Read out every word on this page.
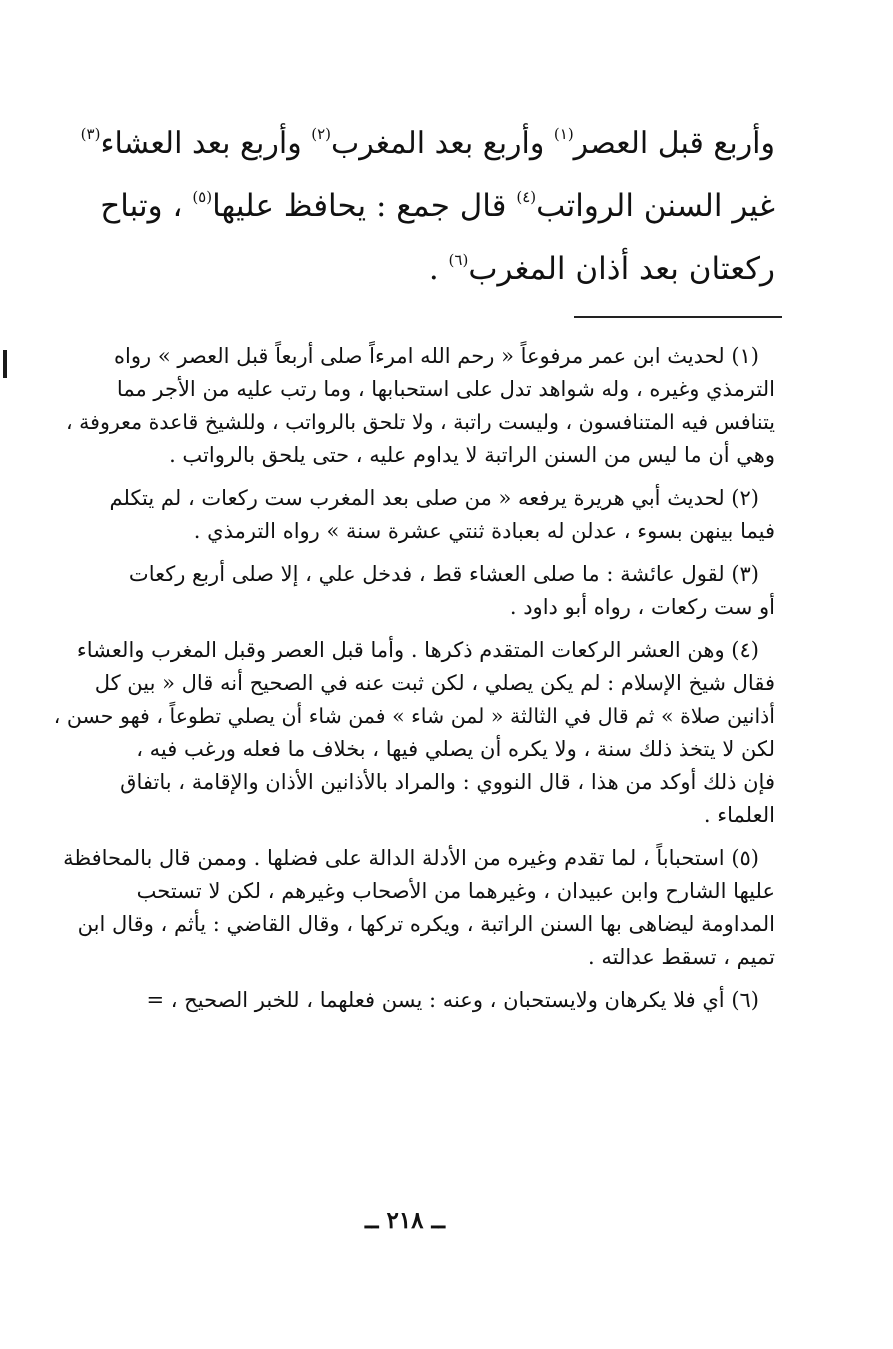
وأربع قبل العصر$^{(١)}$ وأربع بعد المغرب$^{(٢)}$ وأربع بعد العشاء$^{(٣)}$
غير السنن الرواتب$^{(٤)}$ قال جمع : يحافظ عليها$^{(٥)}$ ، وتباح
ركعتان بعد أذان المغرب$^{(٦)}$ .
(١) لحديث ابن عمر مرفوعاً « رحم الله امرءاً صلى أربعاً قبل العصر » رواه
الترمذي وغيره ، وله شواهد تدل على استحبابها ، وما رتب عليه من الأجر مما
يتنافس فيه المتنافسون ، وليست راتبة ، ولا تلحق بالرواتب ، وللشيخ قاعدة معروفة ،
وهي أن ما ليس من السنن الراتبة لا يداوم عليه ، حتى يلحق بالرواتب .
(٢) لحديث أبي هريرة يرفعه « من صلى بعد المغرب ست ركعات ، لم يتكلم
فيما بينهن بسوء ، عدلن له بعبادة ثنتي عشرة سنة » رواه الترمذي .
(٣) لقول عائشة : ما صلى العشاء قط ، فدخل علي ، إلا صلى أربع ركعات
أو ست ركعات ، رواه أبو داود .
(٤) وهن العشر الركعات المتقدم ذكرها . وأما قبل العصر وقبل المغرب والعشاء
فقال شيخ الإسلام : لم يكن يصلي ، لكن ثبت عنه في الصحيح أنه قال « بين كل
أذانين صلاة » ثم قال في الثالثة « لمن شاء » فمن شاء أن يصلي تطوعاً ، فهو حسن ،
لكن لا يتخذ ذلك سنة ، ولا يكره أن يصلي فيها ، بخلاف ما فعله ورغب فيه ،
فإن ذلك أوكد من هذا ، قال النووي : والمراد بالأذانين الأذان والإقامة ، باتفاق
العلماء .
(٥) استحباباً ، لما تقدم وغيره من الأدلة الدالة على فضلها . وممن قال بالمحافظة
عليها الشارح وابن عبيدان ، وغيرهما من الأصحاب وغيرهم ، لكن لا تستحب
المداومة ليضاهى بها السنن الراتبة ، ويكره تركها ، وقال القاضي : يأثم ، وقال ابن
تميم ، تسقط عدالته .
(٦) أي فلا يكرهان ولايستحبان ، وعنه : يسن فعلهما ، للخبر الصحيح ، =
ــ ٢١٨ ــ
